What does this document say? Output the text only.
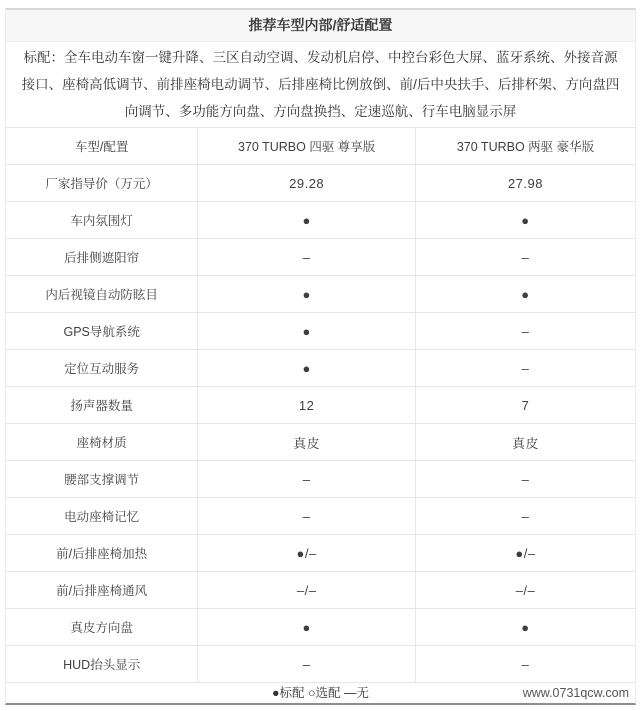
推荐车型内部/舒适配置
标配：全车电动车窗一键升降、三区自动空调、发动机启停、中控台彩色大屏、蓝牙系统、外接音源接口、座椅高低调节、前排座椅电动调节、后排座椅比例放倒、前/后中央扶手、后排杯架、方向盘四向调节、多功能方向盘、方向盘换挡、定速巡航、行车电脑显示屏
车型/配置	370 TURBO 四驱 尊享版	370 TURBO 两驱 豪华版
厂家指导价（万元）	29.28	27.98
车内氛围灯	●	●
后排侧遮阳帘	–	–
内后视镜自动防眩目	●	●
GPS导航系统	●	–
定位互动服务	●	–
扬声器数量	12	7
座椅材质	真皮	真皮
腰部支撑调节	–	–
电动座椅记忆	–	–
前/后排座椅加热	●/–	●/–
前/后排座椅通风	–/–	–/–
真皮方向盘	●	●
HUD抬头显示	–	–
●标配 ○选配 —无	www.0731qcw.com
